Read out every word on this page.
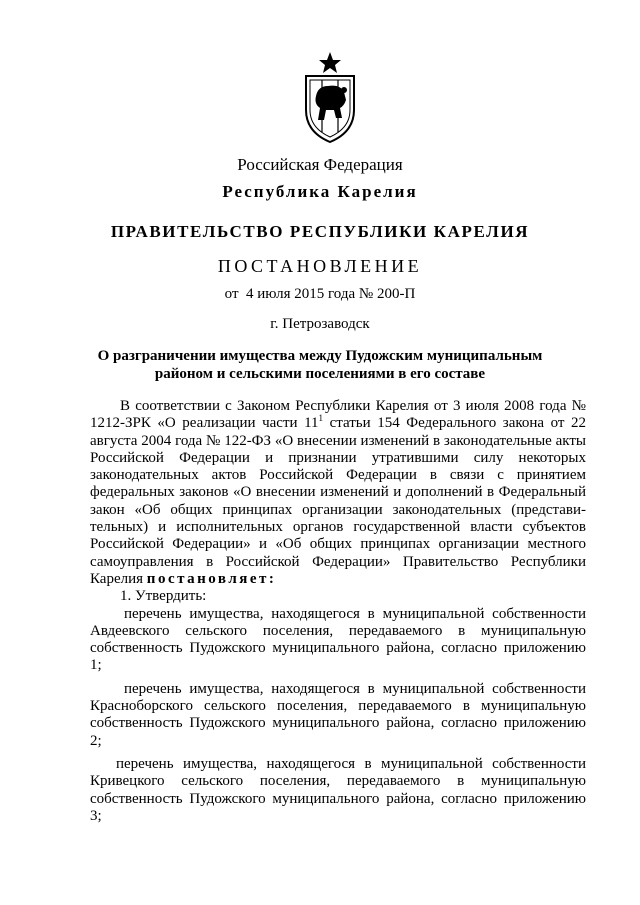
Российская Федерация
Республика Карелия
ПРАВИТЕЛЬСТВО РЕСПУБЛИКИ КАРЕЛИЯ
ПОСТАНОВЛЕНИЕ
от  4 июля 2015 года № 200-П
г. Петрозаводск
О разграничении имущества между Пудожским муниципальным
районом и сельскими поселениями в его составе

В соответствии с Законом Республики Карелия от 3 июля 2008 года № 1212-ЗРК «О реализации части $11^1$ статьи 154 Федерального закона от 22 августа 2004 года № 122-ФЗ «О внесении изменений в законодательные акты Российской Федерации и признании утратившими силу некоторых законодательных актов Российской Федерации в связи с принятием федеральных законов «О внесении изменений и дополнений в Федеральный закон «Об общих принципах организации законодательных (представи-тельных) и исполнительных органов государственной власти субъектов Российской Федерации» и «Об общих принципах организации местного самоуправления в Российской Федерации» Правительство Республики Карелия постановляет:

1. Утвердить:

перечень имущества, находящегося в муниципальной собственности Авдеевского сельского поселения, передаваемого в муниципальную собственность Пудожского муниципального района, согласно приложению 1;

перечень имущества, находящегося в муниципальной собственности Красноборского сельского поселения, передаваемого в муниципальную собственность Пудожского муниципального района, согласно приложению 2;

перечень имущества, находящегося в муниципальной собственности Кривецкого сельского поселения, передаваемого в муниципальную собственность Пудожского муниципального района, согласно приложению 3;
